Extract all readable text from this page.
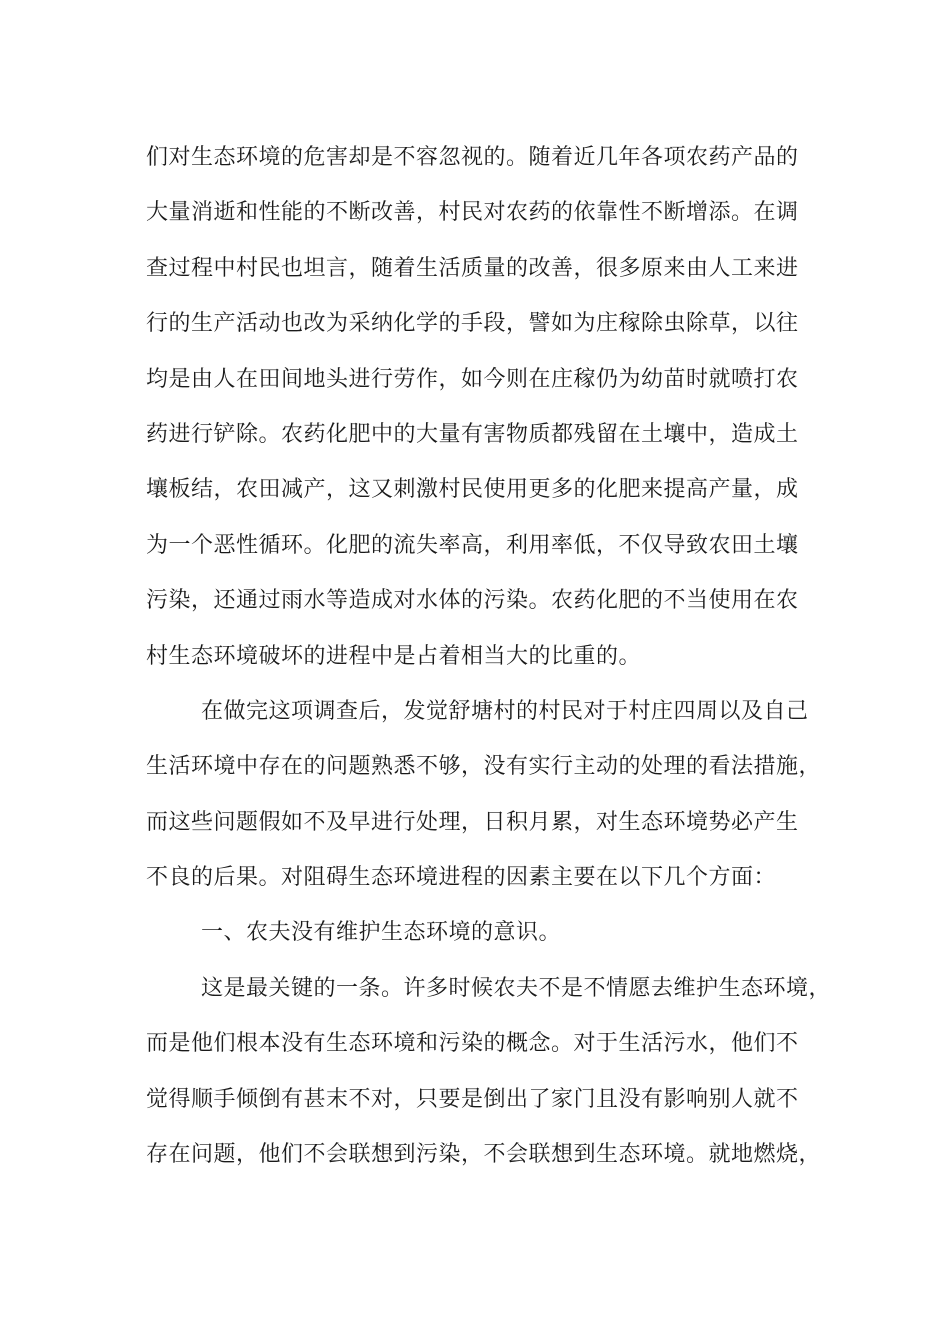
们对生态环境的危害却是不容忽视的。随着近几年各项农药产品的
大量消逝和性能的不断改善，村民对农药的依靠性不断增添。在调
查过程中村民也坦言，随着生活质量的改善，很多原来由人工来进
行的生产活动也改为采纳化学的手段，譬如为庄稼除虫除草，以往
均是由人在田间地头进行劳作，如今则在庄稼仍为幼苗时就喷打农
药进行铲除。农药化肥中的大量有害物质都残留在土壤中，造成土
壤板结，农田减产，这又刺激村民使用更多的化肥来提高产量，成
为一个恶性循环。化肥的流失率高，利用率低，不仅导致农田土壤
污染，还通过雨水等造成对水体的污染。农药化肥的不当使用在农
村生态环境破坏的进程中是占着相当大的比重的。
在做完这项调查后，发觉舒塘村的村民对于村庄四周以及自己
生活环境中存在的问题熟悉不够，没有实行主动的处理的看法措施，
而这些问题假如不及早进行处理，日积月累，对生态环境势必产生
不良的后果。对阻碍生态环境进程的因素主要在以下几个方面：
一、农夫没有维护生态环境的意识。
这是最关键的一条。许多时候农夫不是不情愿去维护生态环境，
而是他们根本没有生态环境和污染的概念。对于生活污水，他们不
觉得顺手倾倒有甚末不对，只要是倒出了家门且没有影响别人就不
存在问题，他们不会联想到污染，不会联想到生态环境。就地燃烧，
